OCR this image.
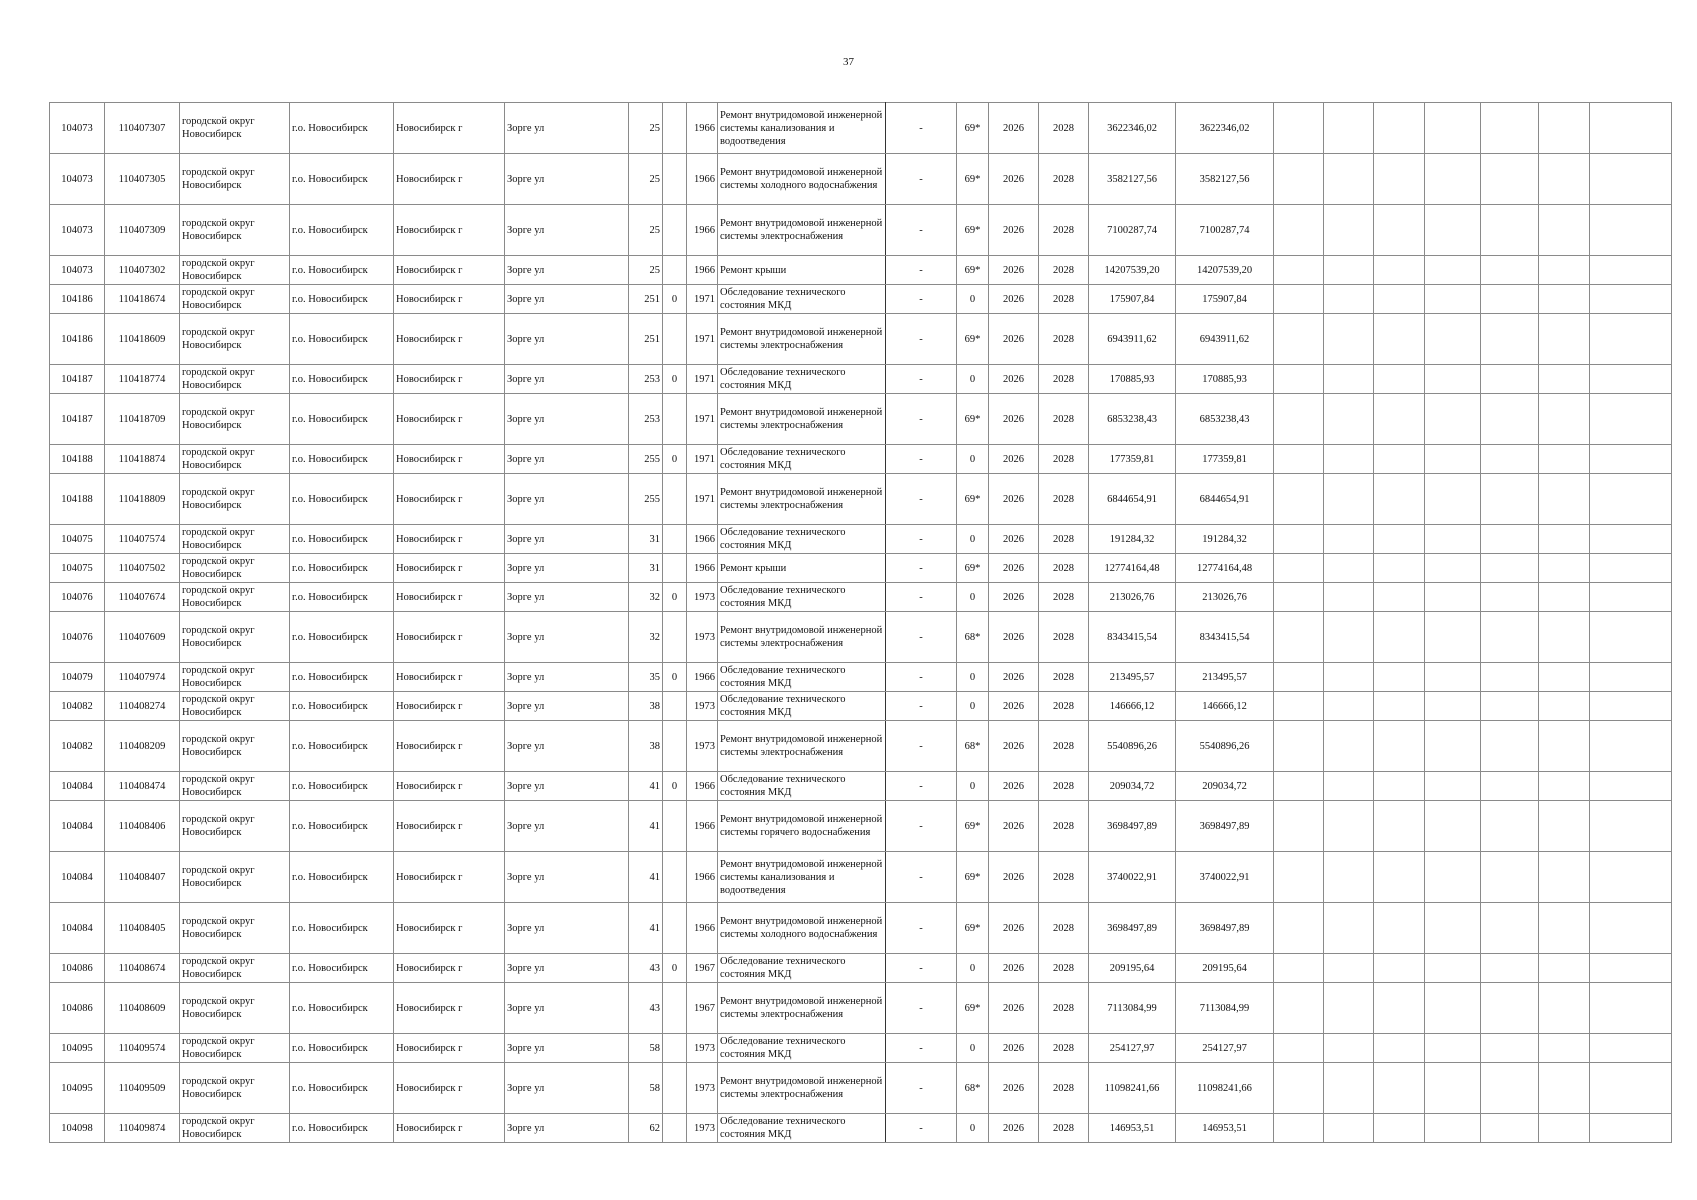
37
104073	110407307	городской округ Новосибирск	г.о. Новосибирск	Новосибирск г	Зорге ул	25		1966	Ремонт внутридомовой инженерной системы канализования и водоотведения	-	69*	2026	2028	3622346,02	3622346,02							
104073	110407305	городской округ Новосибирск	г.о. Новосибирск	Новосибирск г	Зорге ул	25		1966	Ремонт внутридомовой инженерной системы холодного водоснабжения	-	69*	2026	2028	3582127,56	3582127,56							
104073	110407309	городской округ Новосибирск	г.о. Новосибирск	Новосибирск г	Зорге ул	25		1966	Ремонт внутридомовой инженерной системы электроснабжения	-	69*	2026	2028	7100287,74	7100287,74							
104073	110407302	городской округ Новосибирск	г.о. Новосибирск	Новосибирск г	Зорге ул	25		1966	Ремонт крыши	-	69*	2026	2028	14207539,20	14207539,20							
104186	110418674	городской округ Новосибирск	г.о. Новосибирск	Новосибирск г	Зорге ул	251	0	1971	Обследование технического состояния МКД	-	0	2026	2028	175907,84	175907,84							
104186	110418609	городской округ Новосибирск	г.о. Новосибирск	Новосибирск г	Зорге ул	251		1971	Ремонт внутридомовой инженерной системы электроснабжения	-	69*	2026	2028	6943911,62	6943911,62							
104187	110418774	городской округ Новосибирск	г.о. Новосибирск	Новосибирск г	Зорге ул	253	0	1971	Обследование технического состояния МКД	-	0	2026	2028	170885,93	170885,93							
104187	110418709	городской округ Новосибирск	г.о. Новосибирск	Новосибирск г	Зорге ул	253		1971	Ремонт внутридомовой инженерной системы электроснабжения	-	69*	2026	2028	6853238,43	6853238,43							
104188	110418874	городской округ Новосибирск	г.о. Новосибирск	Новосибирск г	Зорге ул	255	0	1971	Обследование технического состояния МКД	-	0	2026	2028	177359,81	177359,81							
104188	110418809	городской округ Новосибирск	г.о. Новосибирск	Новосибирск г	Зорге ул	255		1971	Ремонт внутридомовой инженерной системы электроснабжения	-	69*	2026	2028	6844654,91	6844654,91							
104075	110407574	городской округ Новосибирск	г.о. Новосибирск	Новосибирск г	Зорге ул	31		1966	Обследование технического состояния МКД	-	0	2026	2028	191284,32	191284,32							
104075	110407502	городской округ Новосибирск	г.о. Новосибирск	Новосибирск г	Зорге ул	31		1966	Ремонт крыши	-	69*	2026	2028	12774164,48	12774164,48							
104076	110407674	городской округ Новосибирск	г.о. Новосибирск	Новосибирск г	Зорге ул	32	0	1973	Обследование технического состояния МКД	-	0	2026	2028	213026,76	213026,76							
104076	110407609	городской округ Новосибирск	г.о. Новосибирск	Новосибирск г	Зорге ул	32		1973	Ремонт внутридомовой инженерной системы электроснабжения	-	68*	2026	2028	8343415,54	8343415,54							
104079	110407974	городской округ Новосибирск	г.о. Новосибирск	Новосибирск г	Зорге ул	35	0	1966	Обследование технического состояния МКД	-	0	2026	2028	213495,57	213495,57							
104082	110408274	городской округ Новосибирск	г.о. Новосибирск	Новосибирск г	Зорге ул	38		1973	Обследование технического состояния МКД	-	0	2026	2028	146666,12	146666,12							
104082	110408209	городской округ Новосибирск	г.о. Новосибирск	Новосибирск г	Зорге ул	38		1973	Ремонт внутридомовой инженерной системы электроснабжения	-	68*	2026	2028	5540896,26	5540896,26							
104084	110408474	городской округ Новосибирск	г.о. Новосибирск	Новосибирск г	Зорге ул	41	0	1966	Обследование технического состояния МКД	-	0	2026	2028	209034,72	209034,72							
104084	110408406	городской округ Новосибирск	г.о. Новосибирск	Новосибирск г	Зорге ул	41		1966	Ремонт внутридомовой инженерной системы горячего водоснабжения	-	69*	2026	2028	3698497,89	3698497,89							
104084	110408407	городской округ Новосибирск	г.о. Новосибирск	Новосибирск г	Зорге ул	41		1966	Ремонт внутридомовой инженерной системы канализования и водоотведения	-	69*	2026	2028	3740022,91	3740022,91							
104084	110408405	городской округ Новосибирск	г.о. Новосибирск	Новосибирск г	Зорге ул	41		1966	Ремонт внутридомовой инженерной системы холодного водоснабжения	-	69*	2026	2028	3698497,89	3698497,89							
104086	110408674	городской округ Новосибирск	г.о. Новосибирск	Новосибирск г	Зорге ул	43	0	1967	Обследование технического состояния МКД	-	0	2026	2028	209195,64	209195,64							
104086	110408609	городской округ Новосибирск	г.о. Новосибирск	Новосибирск г	Зорге ул	43		1967	Ремонт внутридомовой инженерной системы электроснабжения	-	69*	2026	2028	7113084,99	7113084,99							
104095	110409574	городской округ Новосибирск	г.о. Новосибирск	Новосибирск г	Зорге ул	58		1973	Обследование технического состояния МКД	-	0	2026	2028	254127,97	254127,97							
104095	110409509	городской округ Новосибирск	г.о. Новосибирск	Новосибирск г	Зорге ул	58		1973	Ремонт внутридомовой инженерной системы электроснабжения	-	68*	2026	2028	11098241,66	11098241,66							
104098	110409874	городской округ Новосибирск	г.о. Новосибирск	Новосибирск г	Зорге ул	62		1973	Обследование технического состояния МКД	-	0	2026	2028	146953,51	146953,51							
